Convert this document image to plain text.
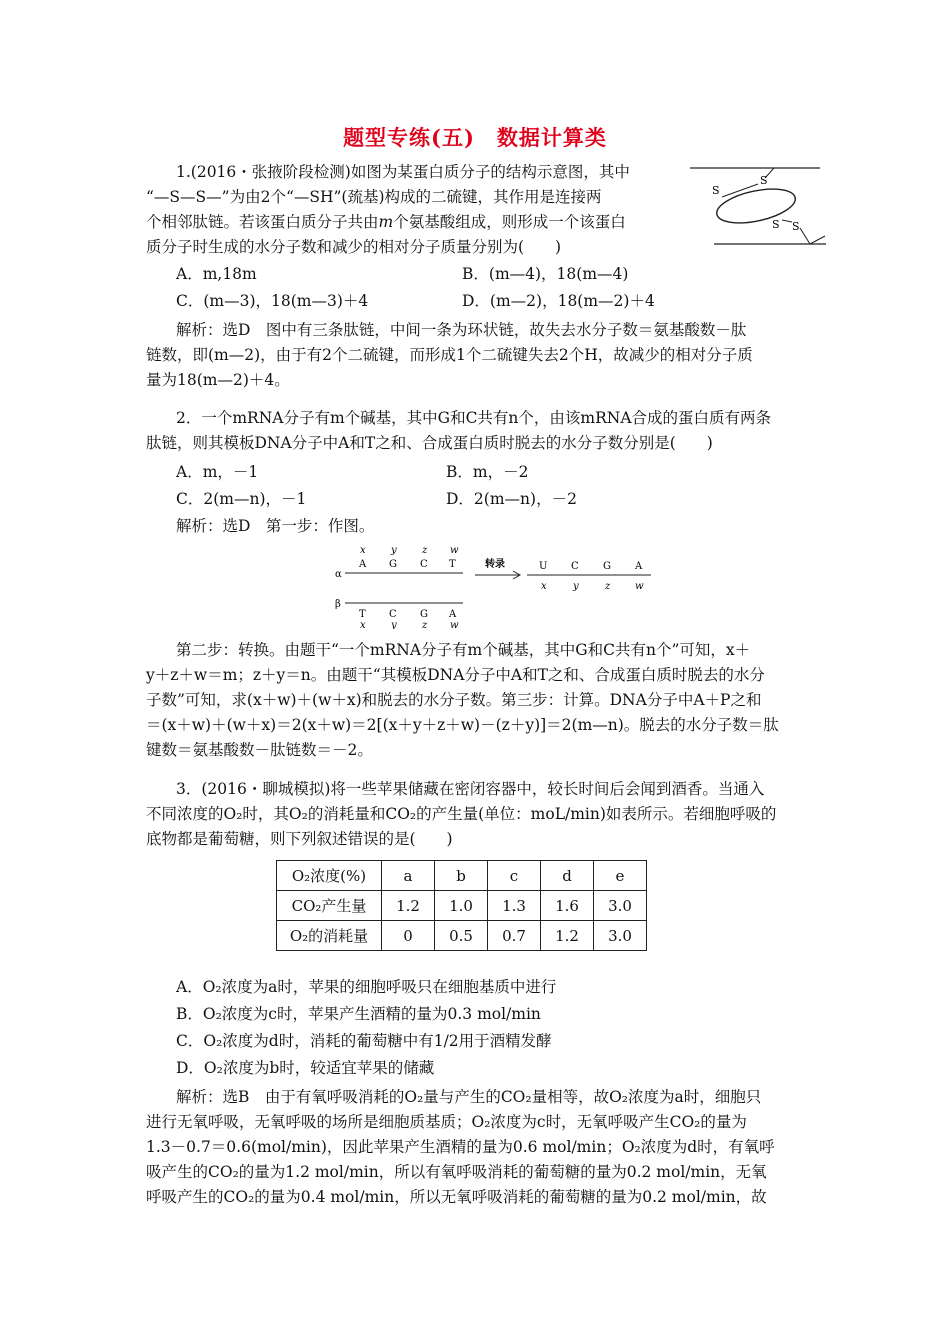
题型专练(五)　数据计算类
1.(2016・张掖阶段检测)如图为某蛋白质分子的结构示意图，其中
“—S—S—”为由2个“—SH”(巯基)构成的二硫键，其作用是连接两
个相邻肽链。若该蛋白质分子共由m个氨基酸组成，则形成一个该蛋白
质分子时生成的水分子数和减少的相对分子质量分别为(　　)
S
S
S S
A．m,18m	B．(m—4)，18(m—4)
C．(m—3)，18(m—3)＋4	D．(m—2)，18(m—2)＋4
解析：选D　图中有三条肽链，中间一条为环状链，故失去水分子数＝氨基酸数－肽
链数，即(m—2)，由于有2个二硫键，而形成1个二硫键失去2个H，故减少的相对分子质
量为18(m—2)＋4。
2．一个mRNA分子有m个碱基，其中G和C共有n个，由该mRNA合成的蛋白质有两条
肽链，则其模板DNA分子中A和T之和、合成蛋白质时脱去的水分子数分别是(　　)
A．m，－1	B．m，－2
C．2(m—n)，－1	D．2(m—n)，－2
解析：选D　第一步：作图。
α
x	y	z w
A G C T	转录	U C G A
x	y	z w
β
T C G A
x	y	z w
第二步：转换。由题干“一个mRNA分子有m个碱基，其中G和C共有n个”可知，x＋
y＋z＋w＝m；z＋y＝n。由题干“其模板DNA分子中A和T之和、合成蛋白质时脱去的水分
子数”可知，求(x＋w)＋(w＋x)和脱去的水分子数。第三步：计算。DNA分子中A＋P之和
＝(x＋w)＋(w＋x)＝2(x＋w)＝2[(x＋y＋z＋w)－(z＋y)]＝2(m—n)。脱去的水分子数＝肽
键数＝氨基酸数－肽链数＝－2。
3．(2016・聊城模拟)将一些苹果储藏在密闭容器中，较长时间后会闻到酒香。当通入
不同浓度的O₂时，其O₂的消耗量和CO₂的产生量(单位：moL/min)如表所示。若细胞呼吸的
底物都是葡萄糖，则下列叙述错误的是(　　)
O₂浓度(%)	a	b	c	d	e
CO₂产生量	1.2	1.0	1.3	1.6	3.0
O₂的消耗量	0	0.5	0.7	1.2	3.0
A．O₂浓度为a时，苹果的细胞呼吸只在细胞基质中进行
B．O₂浓度为c时，苹果产生酒精的量为0.3 mol/min
C．O₂浓度为d时，消耗的葡萄糖中有1/2用于酒精发酵
D．O₂浓度为b时，较适宜苹果的储藏
解析：选B　由于有氧呼吸消耗的O₂量与产生的CO₂量相等，故O₂浓度为a时，细胞只
进行无氧呼吸，无氧呼吸的场所是细胞质基质；O₂浓度为c时，无氧呼吸产生CO₂的量为
1.3－0.7＝0.6(mol/min)，因此苹果产生酒精的量为0.6 mol/min；O₂浓度为d时，有氧呼
吸产生的CO₂的量为1.2 mol/min，所以有氧呼吸消耗的葡萄糖的量为0.2 mol/min，无氧
呼吸产生的CO₂的量为0.4 mol/min，所以无氧呼吸消耗的葡萄糖的量为0.2 mol/min，故
